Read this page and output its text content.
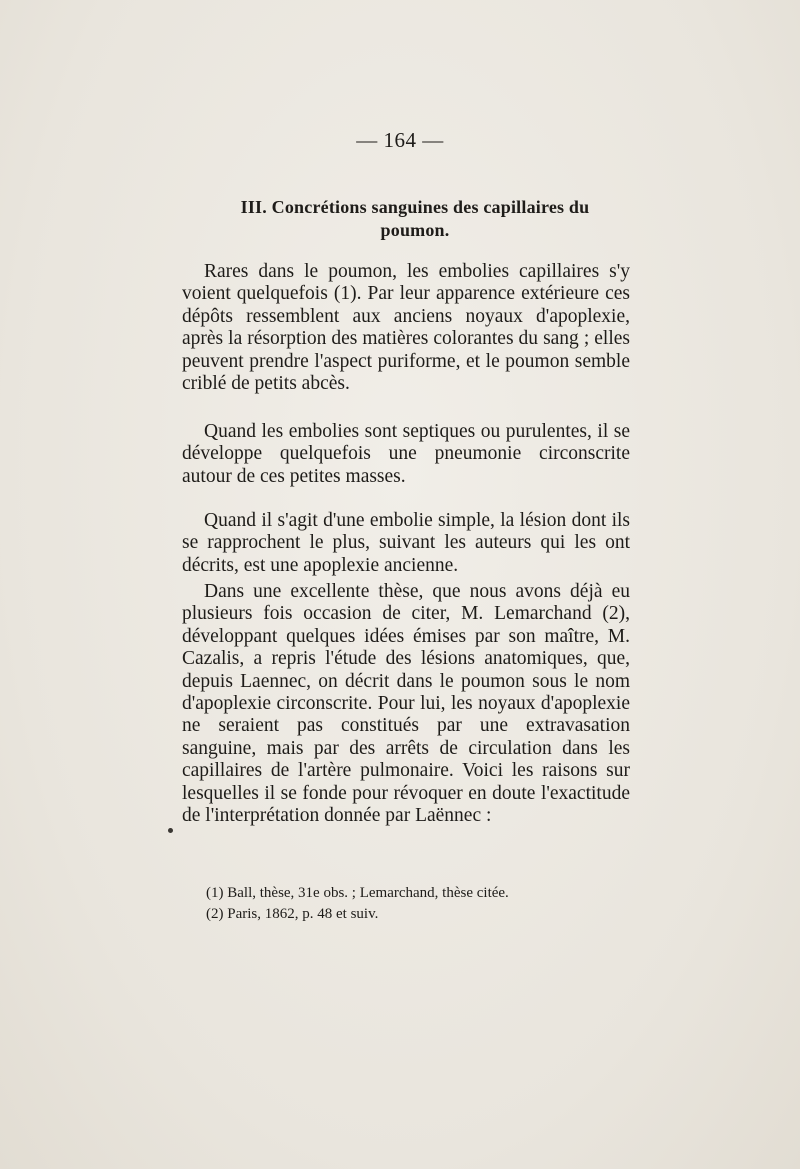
— 164 —
III. Concrétions sanguines des capillaires du
poumon.
Rares dans le poumon, les embolies capillaires s'y voient quelquefois (1). Par leur apparence extérieure ces dépôts ressemblent aux anciens noyaux d'apoplexie, après la résorption des matières colorantes du sang ; elles peuvent prendre l'aspect puriforme, et le poumon semble criblé de petits abcès.
Quand les embolies sont septiques ou purulentes, il se développe quelquefois une pneumonie circonscrite autour de ces petites masses.
Quand il s'agit d'une embolie simple, la lésion dont ils se rapprochent le plus, suivant les auteurs qui les ont décrits, est une apoplexie ancienne.
Dans une excellente thèse, que nous avons déjà eu plusieurs fois occasion de citer, M. Lemarchand (2), développant quelques idées émises par son maître, M. Cazalis, a repris l'étude des lésions anatomiques, que, depuis Laennec, on décrit dans le poumon sous le nom d'apoplexie circonscrite. Pour lui, les noyaux d'apoplexie ne seraient pas constitués par une extravasation sanguine, mais par des arrêts de circulation dans les capillaires de l'artère pulmonaire. Voici les raisons sur lesquelles il se fonde pour révoquer en doute l'exactitude de l'interprétation donnée par Laënnec :

(1) Ball, thèse, 31e obs. ; Lemarchand, thèse citée.

(2) Paris, 1862, p. 48 et suiv.
